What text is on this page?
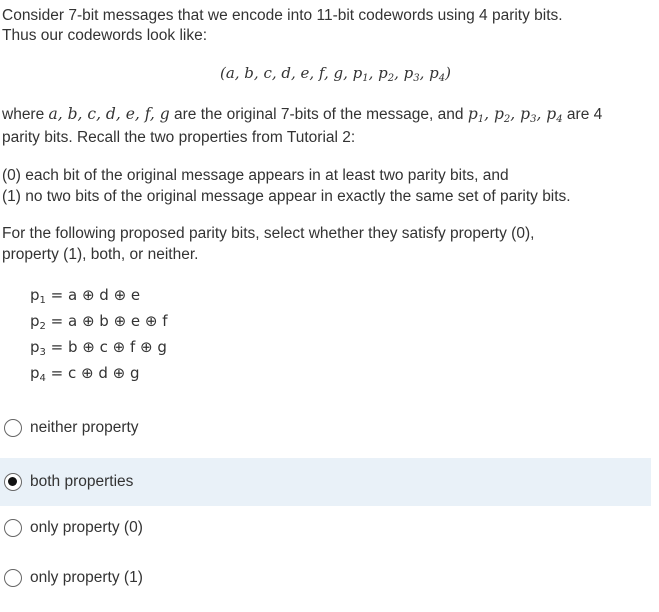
Consider 7-bit messages that we encode into 11-bit codewords using 4 parity bits.
Thus our codewords look like:
(a, b, c, d, e, f, g, $p_1$, $p_2$, $p_3$, $p_4$)
where a, b, c, d, e, f, g are the original 7-bits of the message, and $p_1$, $p_2$, $p_3$, $p_4$ are 4
parity bits. Recall the two properties from Tutorial 2:
(0) each bit of the original message appears in at least two parity bits, and
(1) no two bits of the original message appear in exactly the same set of parity bits.
For the following proposed parity bits, select whether they satisfy property (0),
property (1), both, or neither.
$p_1 = a$ ⊕ d ⊕ e
$p_2 = a$ ⊕ b ⊕ e ⊕ f
$p_3 = b$ ⊕ c ⊕ f ⊕ g
$p_4 = c$ ⊕ d ⊕ g
neither property
both properties
only property (0)
only property (1)
